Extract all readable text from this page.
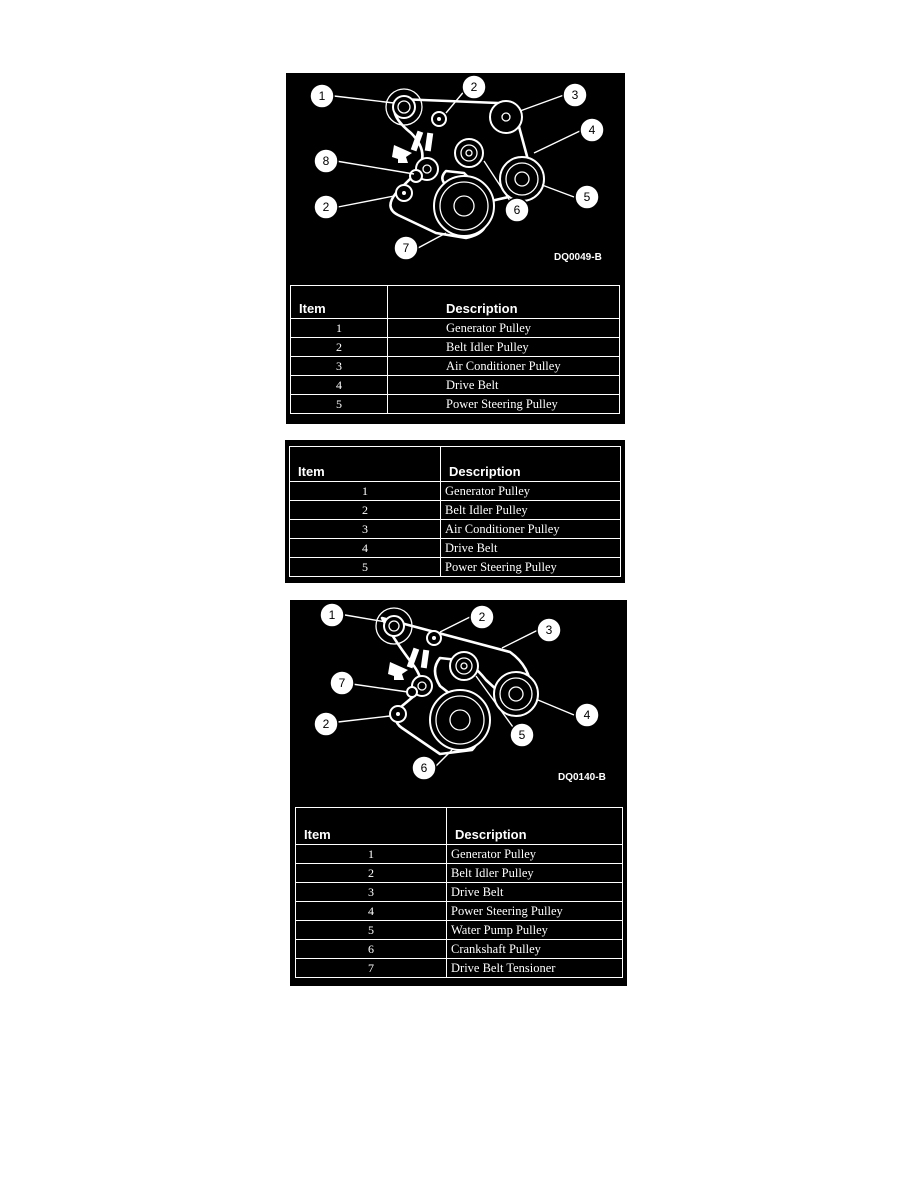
1
2
3
4
5
6
7
8
2
DQ0049-B
Item	Description
1	Generator Pulley
2	Belt Idler Pulley
3	Air Conditioner Pulley
4	Drive Belt
5	Power Steering Pulley
Item	Description
1	Generator Pulley
2	Belt Idler Pulley
3	Air Conditioner Pulley
4	Drive Belt
5	Power Steering Pulley
1	2
3
4
5
6
7
2
DQ0140-B
Item	Description
1	Generator Pulley
2	Belt Idler Pulley
3	Drive Belt
4	Power Steering Pulley
5	Water Pump Pulley
6	Crankshaft Pulley
7	Drive Belt Tensioner
